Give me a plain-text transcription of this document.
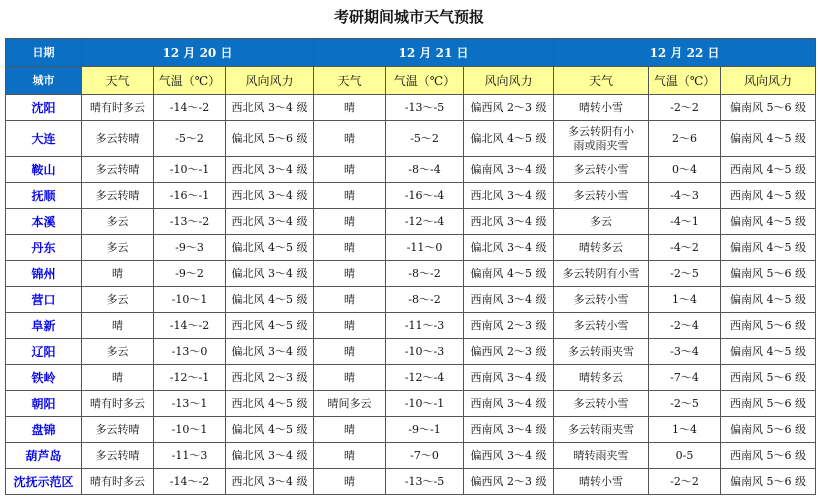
考研期间城市天气预报
日期	12 月 20 日			12 月 21 日			12 月 22 日		
城市	天气	气温（℃）	风向风力	天气	气温（℃）	风向风力	天气	气温（℃）	风向风力
沈阳	晴有时多云	-14～-2	西北风 3～4 级	晴	-13～-5	偏西风 2～3 级	晴转小雪	-2～2	偏南风 5～6 级
大连	多云转晴	-5～2	偏北风 5～6 级	晴	-5～2	偏北风 4～5 级	多云转阴有小雨或雨夹雪	2～6	偏南风 4～5 级
鞍山	多云转晴	-10～-1	西北风 3～4 级	晴	-8～-4	偏南风 3～4 级	多云转小雪	0～4	西南风 4～5 级
抚顺	多云转晴	-16～-1	西北风 3～4 级	晴	-16～-4	西北风 3～4 级	多云转小雪	-4～3	西南风 4～5 级
本溪	多云	-13～-2	西北风 3～4 级	晴	-12～-4	西北风 3～4 级	多云	-4～1	偏南风 4～5 级
丹东	多云	-9～3	偏北风 4～5 级	晴	-11～0	偏北风 3～4 级	晴转多云	-4～2	偏南风 4～5 级
锦州	晴	-9～2	偏北风 3～4 级	晴	-8～-2	偏南风 4～5 级	多云转阴有小雪	-2～5	偏南风 5～6 级
营口	多云	-10～1	偏北风 4～5 级	晴	-8～-2	西南风 3～4 级	多云转小雪	1～4	偏南风 4～5 级
阜新	晴	-14～-2	西北风 4～5 级	晴	-11～-3	西南风 2～3 级	多云转小雪	-2～4	西南风 5～6 级
辽阳	多云	-13～0	偏北风 3～4 级	晴	-10～-3	偏西风 2～3 级	多云转雨夹雪	-3～4	偏南风 4～5 级
铁岭	晴	-12～-1	西北风 2～3 级	晴	-12～-4	西南风 3～4 级	晴转多云	-7～4	西南风 5～6 级
朝阳	晴有时多云	-13～1	西北风 4～5 级	晴间多云	-10～-1	西南风 3～4 级	多云转小雪	-2～5	西南风 5～6 级
盘锦	多云转晴	-10～1	偏北风 4～5 级	晴	-9～-1	西南风 3～4 级	多云转雨夹雪	1～4	偏南风 5～6 级
葫芦岛	多云转晴	-11～3	偏北风 3～4 级	晴	-7～0	偏西风 3～4 级	晴转雨夹雪	0-5	西南风 5～6 级
沈抚示范区	晴有时多云	-14～-2	西北风 3～4 级	晴	-13～-5	偏西风 2～3 级	晴转小雪	-2～2	偏南风 5～6 级
